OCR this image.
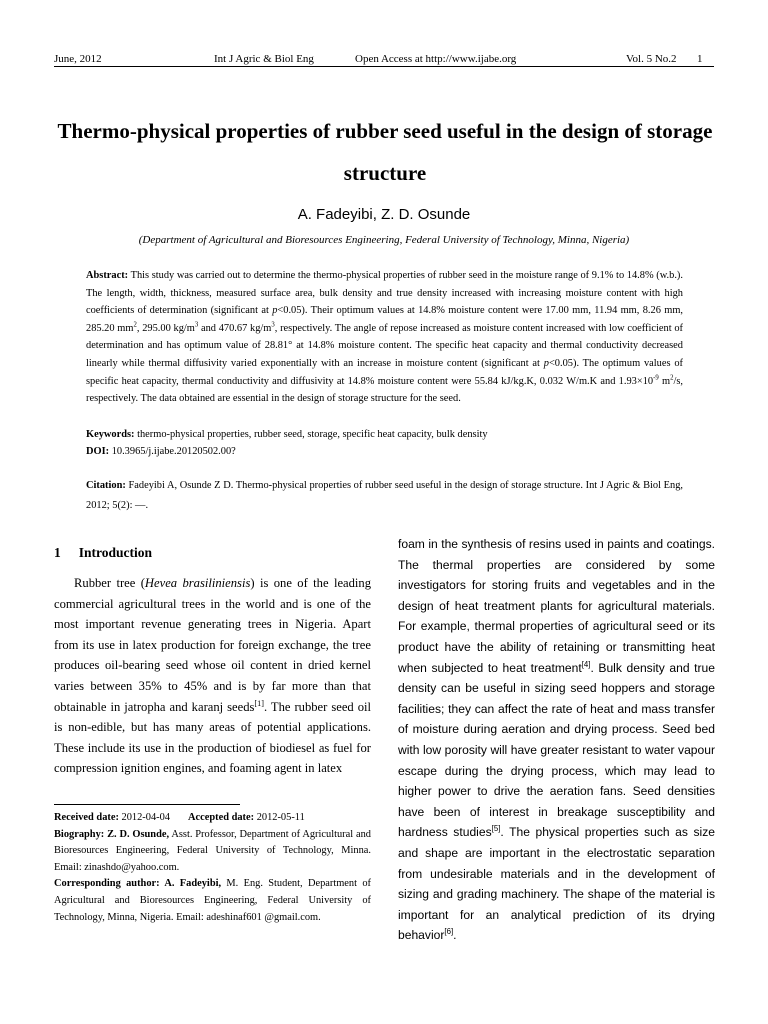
June, 2012	Int J Agric & Biol Eng	Open Access at http://www.ijabe.org	Vol. 5 No.2 1
Thermo-physical properties of rubber seed useful in the design of storage structure
A. Fadeyibi, Z. D. Osunde
(Department of Agricultural and Bioresources Engineering, Federal University of Technology, Minna, Nigeria)

Abstract: This study was carried out to determine the thermo-physical properties of rubber seed in the moisture range of 9.1% to 14.8% (w.b.). The length, width, thickness, measured surface area, bulk density and true density increased with increasing moisture content with high coefficients of determination (significant at p<0.05). Their optimum values at 14.8% moisture content were 17.00 mm, 11.94 mm, 8.26 mm, 285.20 $mm^2$, 295.00 $kg/m^3$ and 470.67 $kg/m^3$, respectively. The angle of repose increased as moisture content increased with low coefficient of determination and has optimum value of 28.81° at 14.8% moisture content. The specific heat capacity and thermal conductivity decreased linearly while thermal diffusivity varied exponentially with an increase in moisture content (significant at p<0.05). The optimum values of specific heat capacity, thermal conductivity and diffusivity at 14.8% moisture content were 55.84 kJ/kg.K, 0.032 W/m.K and $1.93\times 10^{-9}$ $m^2/s$, respectively. The data obtained are essential in the design of storage structure for the seed.

Keywords: thermo-physical properties, rubber seed, storage, specific heat capacity, bulk density

DOI: 10.3965/j.ijabe.20120502.00?

Citation: Fadeyibi A, Osunde Z D. Thermo-physical properties of rubber seed useful in the design of storage structure. Int J Agric & Biol Eng, 2012; 5(2): —.

1 Introduction

Rubber tree (Hevea brasiliniensis) is one of the leading commercial agricultural trees in the world and is one of the most important revenue generating trees in Nigeria. Apart from its use in latex production for foreign exchange, the tree produces oil-bearing seed whose oil content in dried kernel varies between 35% to 45% and is by far more than that obtainable in jatropha and karanj seeds[1]. The rubber seed oil is non-edible, but has many areas of potential applications. These include its use in the production of biodiesel as fuel for compression ignition engines, and foaming agent in latex

foam in the synthesis of resins used in paints and coatings. The thermal properties are considered by some investigators for storing fruits and vegetables and in the design of heat treatment plants for agricultural materials. For example, thermal properties of agricultural seed or its product have the ability of retaining or transmitting heat when subjected to heat treatment[4]. Bulk density and true density can be useful in sizing seed hoppers and storage facilities; they can affect the rate of heat and mass transfer of moisture during aeration and drying process. Seed bed with low porosity will have greater resistant to water vapour escape during the drying process, which may lead to higher power to drive the aeration fans. Seed densities have been of interest in breakage susceptibility and hardness studies[5]. The physical properties such as size and shape are important in the electrostatic separation from undesirable materials and in the development of sizing and grading machinery. The shape of the material is important for an analytical prediction of its drying behavior[6].

Received date: 2012-04-04 Accepted date: 2012-05-11

Biography: Z. D. Osunde, Asst. Professor, Department of Agricultural and Bioresources Engineering, Federal University of Technology, Minna. Email: zinashdo@yahoo.com.

Corresponding author: A. Fadeyibi, M. Eng. Student, Department of Agricultural and Bioresources Engineering, Federal University of Technology, Minna, Nigeria. Email: adeshinaf601 @gmail.com.
